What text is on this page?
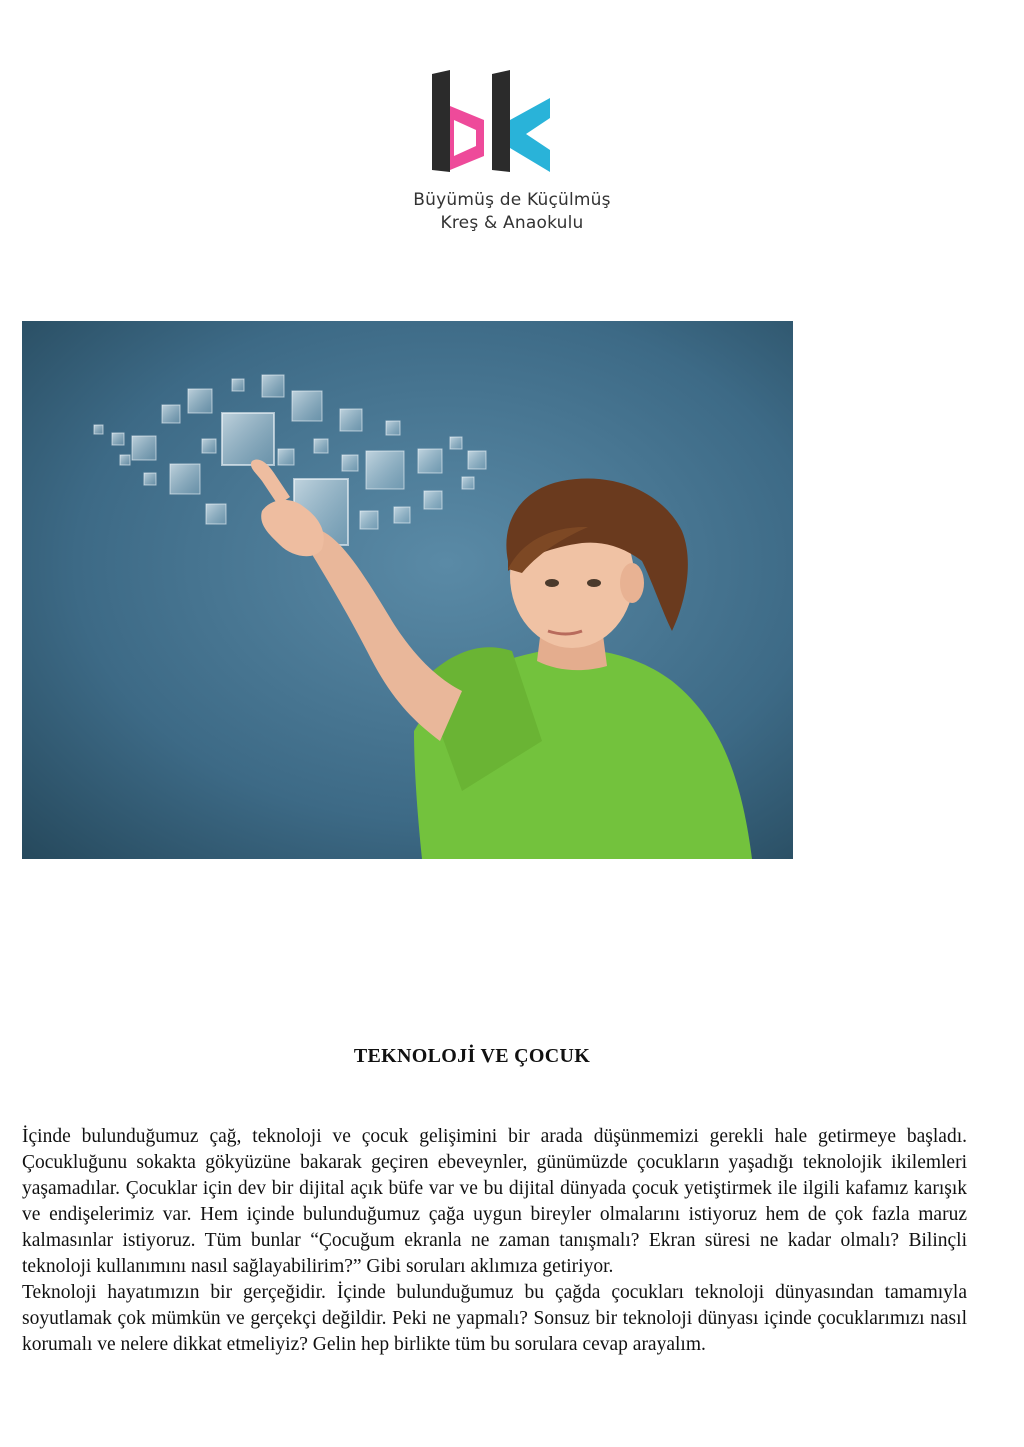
Büyümüş de Küçülmüş
Kreş & Anaokulu
TEKNOLOJİ VE ÇOCUK

İçinde bulunduğumuz çağ, teknoloji ve çocuk gelişimini bir arada düşünmemizi gerekli hale getirmeye başladı. Çocukluğunu sokakta gökyüzüne bakarak geçiren ebeveynler, günümüzde çocukların yaşadığı teknolojik ikilemleri yaşamadılar. Çocuklar için dev bir dijital açık büfe var ve bu dijital dünyada çocuk yetiştirmek ile ilgili kafamız karışık ve endişelerimiz var. Hem içinde bulunduğumuz çağa uygun bireyler olmalarını istiyoruz hem de çok fazla maruz kalmasınlar istiyoruz. Tüm bunlar “Çocuğum ekranla ne zaman tanışmalı? Ekran süresi ne kadar olmalı? Bilinçli teknoloji kullanımını nasıl sağlayabilirim?” Gibi soruları aklımıza getiriyor.

Teknoloji hayatımızın bir gerçeğidir. İçinde bulunduğumuz bu çağda çocukları teknoloji dünyasından tamamıyla soyutlamak çok mümkün ve gerçekçi değildir. Peki ne yapmalı? Sonsuz bir teknoloji dünyası içinde çocuklarımızı nasıl korumalı ve nelere dikkat etmeliyiz? Gelin hep birlikte tüm bu sorulara cevap arayalım.
